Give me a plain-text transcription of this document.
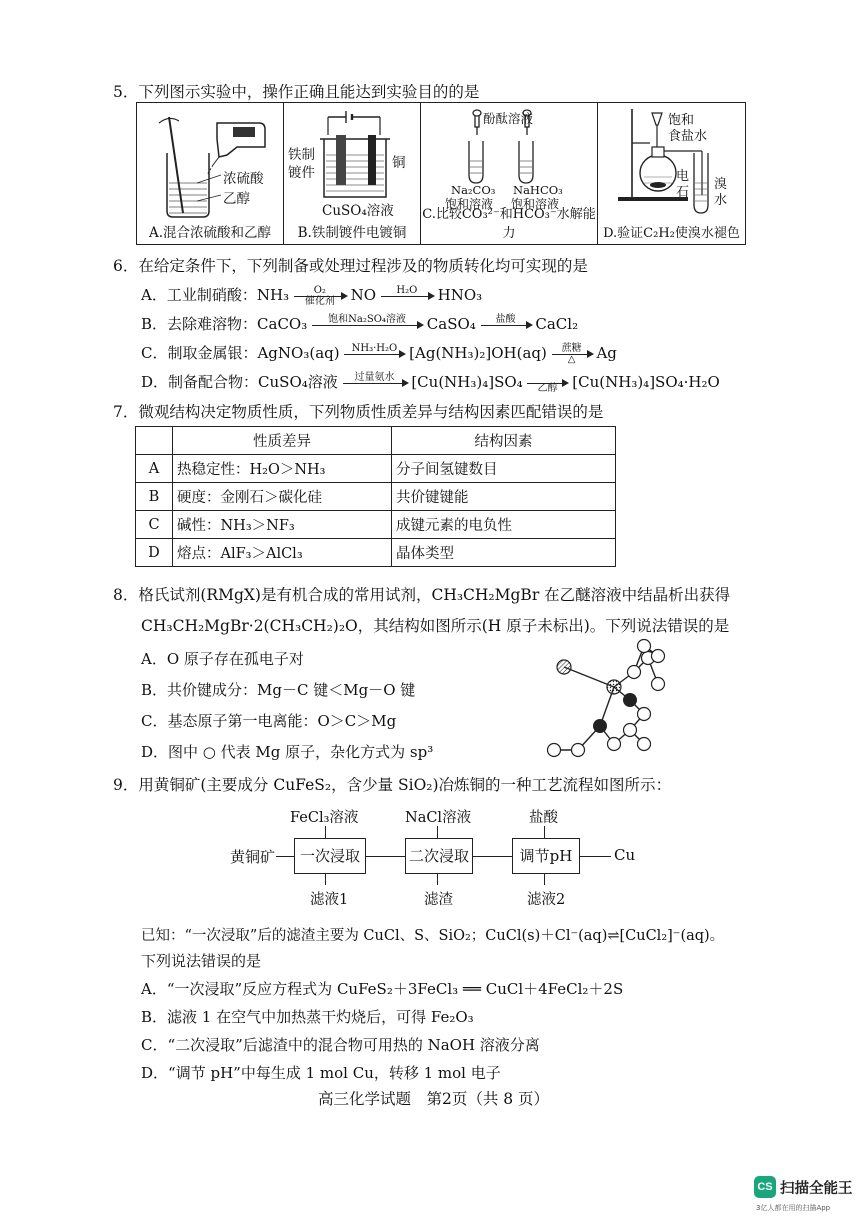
5．下列图示实验中，操作正确且能达到实验目的的是
浓硫酸
乙醇
A.混合浓硫酸和乙醇

铁制
镀件
铜
CuSO₄溶液
B.铁制镀件电镀铜

酚酞溶液
Na₂CO₃
饱和溶液
NaHCO₃
饱和溶液
C.比较CO₃²⁻和HCO₃⁻水解能力

饱和
食盐水
电
石
溴
水
D.验证C₂H₂使溴水褪色
6．在给定条件下，下列制备或处理过程涉及的物质转化均可实现的是
A．工业制硝酸：NH₃	O₂
催化剂	NO	H₂O
	HNO₃
B．去除难溶物：CaCO₃	饱和Na₂SO₄溶液
	CaSO₄	盐酸
	CaCl₂
C．制取金属银：AgNO₃(aq)	NH₃·H₂O
[Ag(NH₃)₂]OH(aq)	蔗糖
△	Ag
D．制备配合物：CuSO₄溶液	过量氨水
	[Cu(NH₃)₄]SO₄
	乙醇 [Cu(NH₃)₄]SO₄·H₂O
7．微观结构决定物质性质，下列物质性质差异与结构因素匹配错误的是
	性质差异	结构因素
A	热稳定性：H₂O＞NH₃	分子间氢键数目
B	硬度：金刚石＞碳化硅	共价键键能
C	碱性：NH₃＞NF₃	成键元素的电负性
D	熔点：AlF₃＞AlCl₃	晶体类型
8．格氏试剂(RMgX)是有机合成的常用试剂，CH₃CH₂MgBr 在乙醚溶液中结晶析出获得
CH₃CH₂MgBr·2(CH₃CH₂)₂O，其结构如图所示(H 原子未标出)。下列说法错误的是
A．O 原子存在孤电子对
B．共价键成分：Mg－C 键＜Mg－O 键
C．基态原子第一电离能：O＞C＞Mg
D．图中 ○ 代表 Mg 原子，杂化方式为 sp³
9．用黄铜矿(主要成分 CuFeS₂，含少量 SiO₂)冶炼铜的一种工艺流程如图所示：
FeCl₃溶液	NaCl溶液	盐酸
黄铜矿	一次浸取	二次浸取	调节pH	Cu
滤液1	滤渣	滤液2
已知：“一次浸取”后的滤渣主要为 CuCl、S、SiO₂；CuCl(s)＋Cl⁻(aq)⇌[CuCl₂]⁻(aq)。
下列说法错误的是
A．“一次浸取”反应方程式为 CuFeS₂＋3FeCl₃ ══ CuCl＋4FeCl₂＋2S
B．滤液 1 在空气中加热蒸干灼烧后，可得 Fe₂O₃
C．“二次浸取”后滤渣中的混合物可用热的 NaOH 溶液分离
D．“调节 pH”中每生成 1 mol Cu，转移 1 mol 电子
高三化学试题　第2页（共 8 页）
CS 扫描全能王
3亿人都在用的扫描App
